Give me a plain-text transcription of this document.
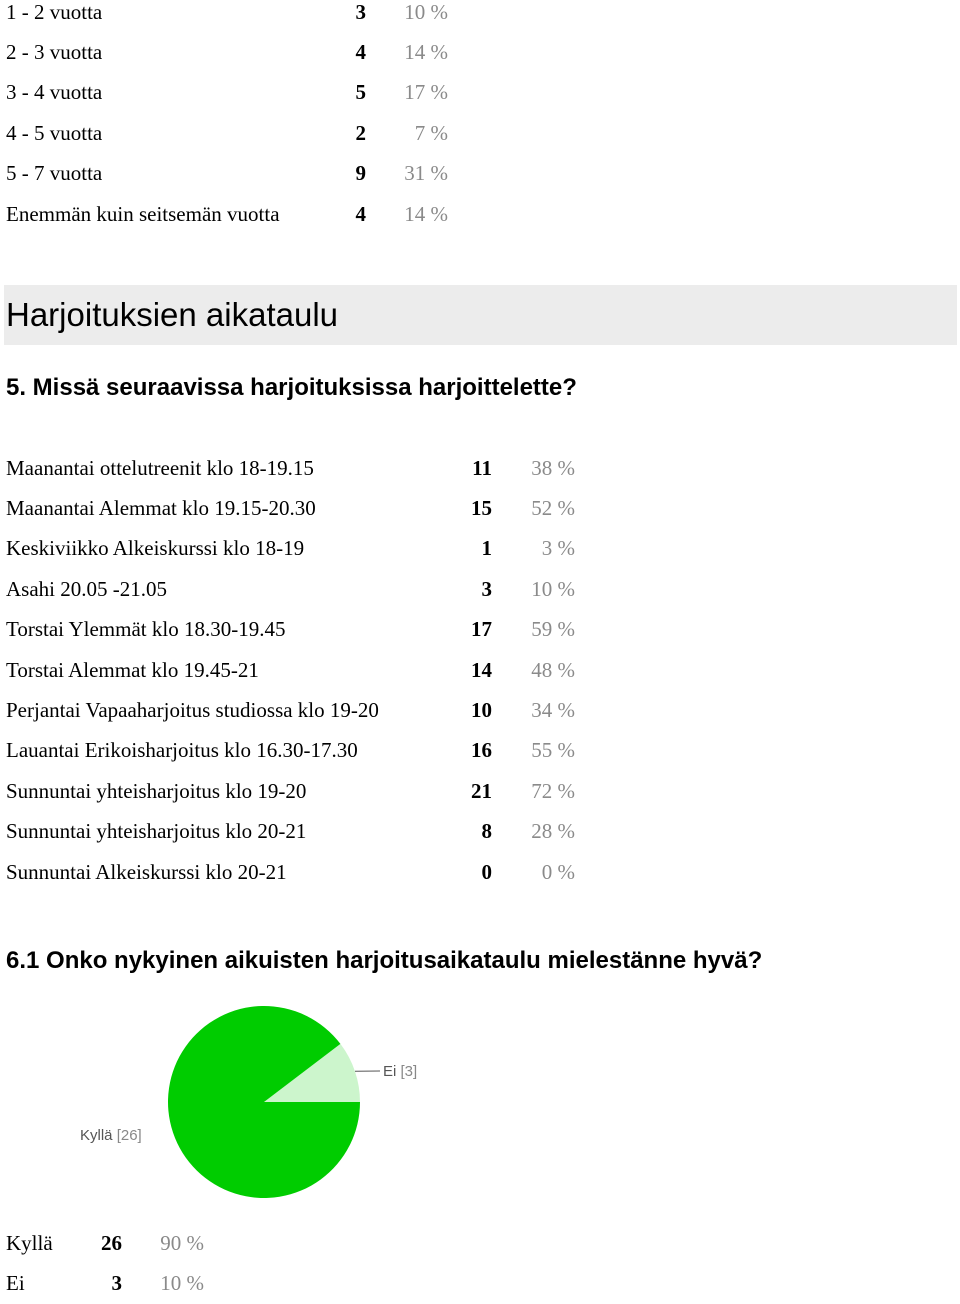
1 - 2 vuotta	3	10 %
2 - 3 vuotta	4	14 %
3 - 4 vuotta	5	17 %
4 - 5 vuotta	2	7 %
5 - 7 vuotta	9	31 %
Enemmän kuin seitsemän vuotta	4	14 %
Harjoituksien aikataulu
5. Missä seuraavissa harjoituksissa harjoittelette?
Maanantai ottelutreenit klo 18-19.15	11	38 %
Maanantai Alemmat klo 19.15-20.30	15	52 %
Keskiviikko Alkeiskurssi klo 18-19	1	3 %
Asahi 20.05 -21.05	3	10 %
Torstai Ylemmät klo 18.30-19.45	17	59 %
Torstai Alemmat klo 19.45-21	14	48 %
Perjantai Vapaaharjoitus studiossa klo 19-20	10	34 %
Lauantai Erikoisharjoitus klo 16.30-17.30	16	55 %
Sunnuntai yhteisharjoitus klo 19-20	21	72 %
Sunnuntai yhteisharjoitus klo 20-21	8	28 %
Sunnuntai Alkeiskurssi klo 20-21	0	0 %
6.1 Onko nykyinen aikuisten harjoitusaikataulu mielestänne hyvä?
Ei [3]
Kyllä [26]
Kyllä	26	90 %
Ei	3	10 %
